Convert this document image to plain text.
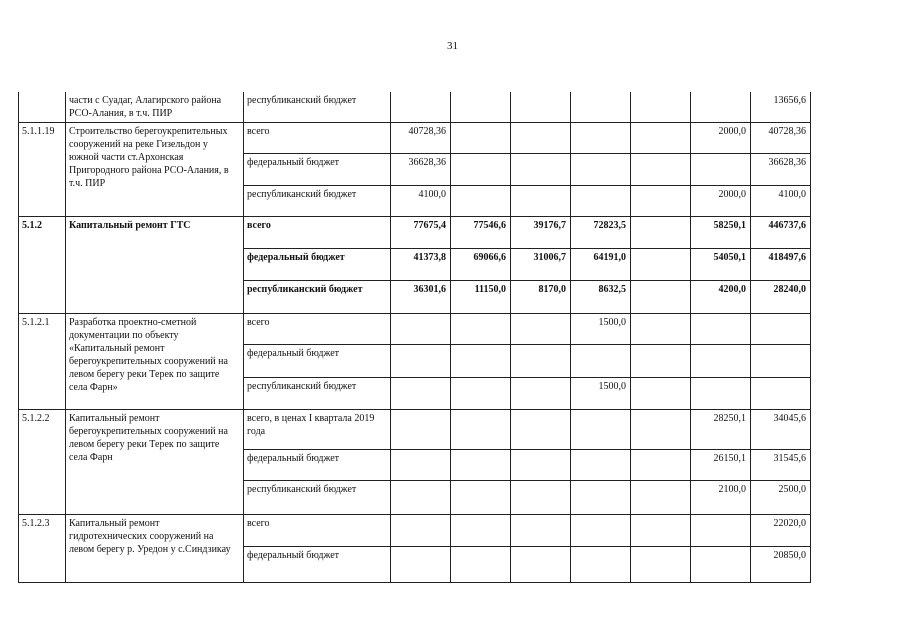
31
	части с Суадаг, Алагирского района РСО-Алания, в т.ч. ПИР	республиканский бюджет							13656,6
5.1.1.19	Строительство берегоукрепительных сооружений на реке Гизельдон у южной части ст.Архонская Пригородного района РСО-Алания, в т.ч. ПИР	всего	40728,36					2000,0	40728,36
		федеральный бюджет	36628,36						36628,36
		республиканский бюджет	4100,0					2000,0	4100,0
5.1.2	Капитальный ремонт ГТС	всего	77675,4	77546,6	39176,7	72823,5		58250,1	446737,6
		федеральный бюджет	41373,8	69066,6	31006,7	64191,0		54050,1	418497,6
		республиканский бюджет	36301,6	11150,0	8170,0	8632,5		4200,0	28240,0
5.1.2.1	Разработка проектно-сметной документации по объекту «Капитальный ремонт берегоукрепительных сооружений на левом берегу реки Терек по защите села Фарн»	всего				1500,0			
		федеральный бюджет							
		республиканский бюджет				1500,0			
5.1.2.2	Капитальный ремонт берегоукрепительных сооружений на левом берегу реки Терек по защите села Фарн	всего, в ценах I квартала 2019 года						28250,1	34045,6
		федеральный бюджет						26150,1	31545,6
		республиканский бюджет						2100,0	2500,0
5.1.2.3	Капитальный ремонт гидротехнических сооружений на левом берегу р. Уредон у с.Синдзикау	всего							22020,0
		федеральный бюджет							20850,0
